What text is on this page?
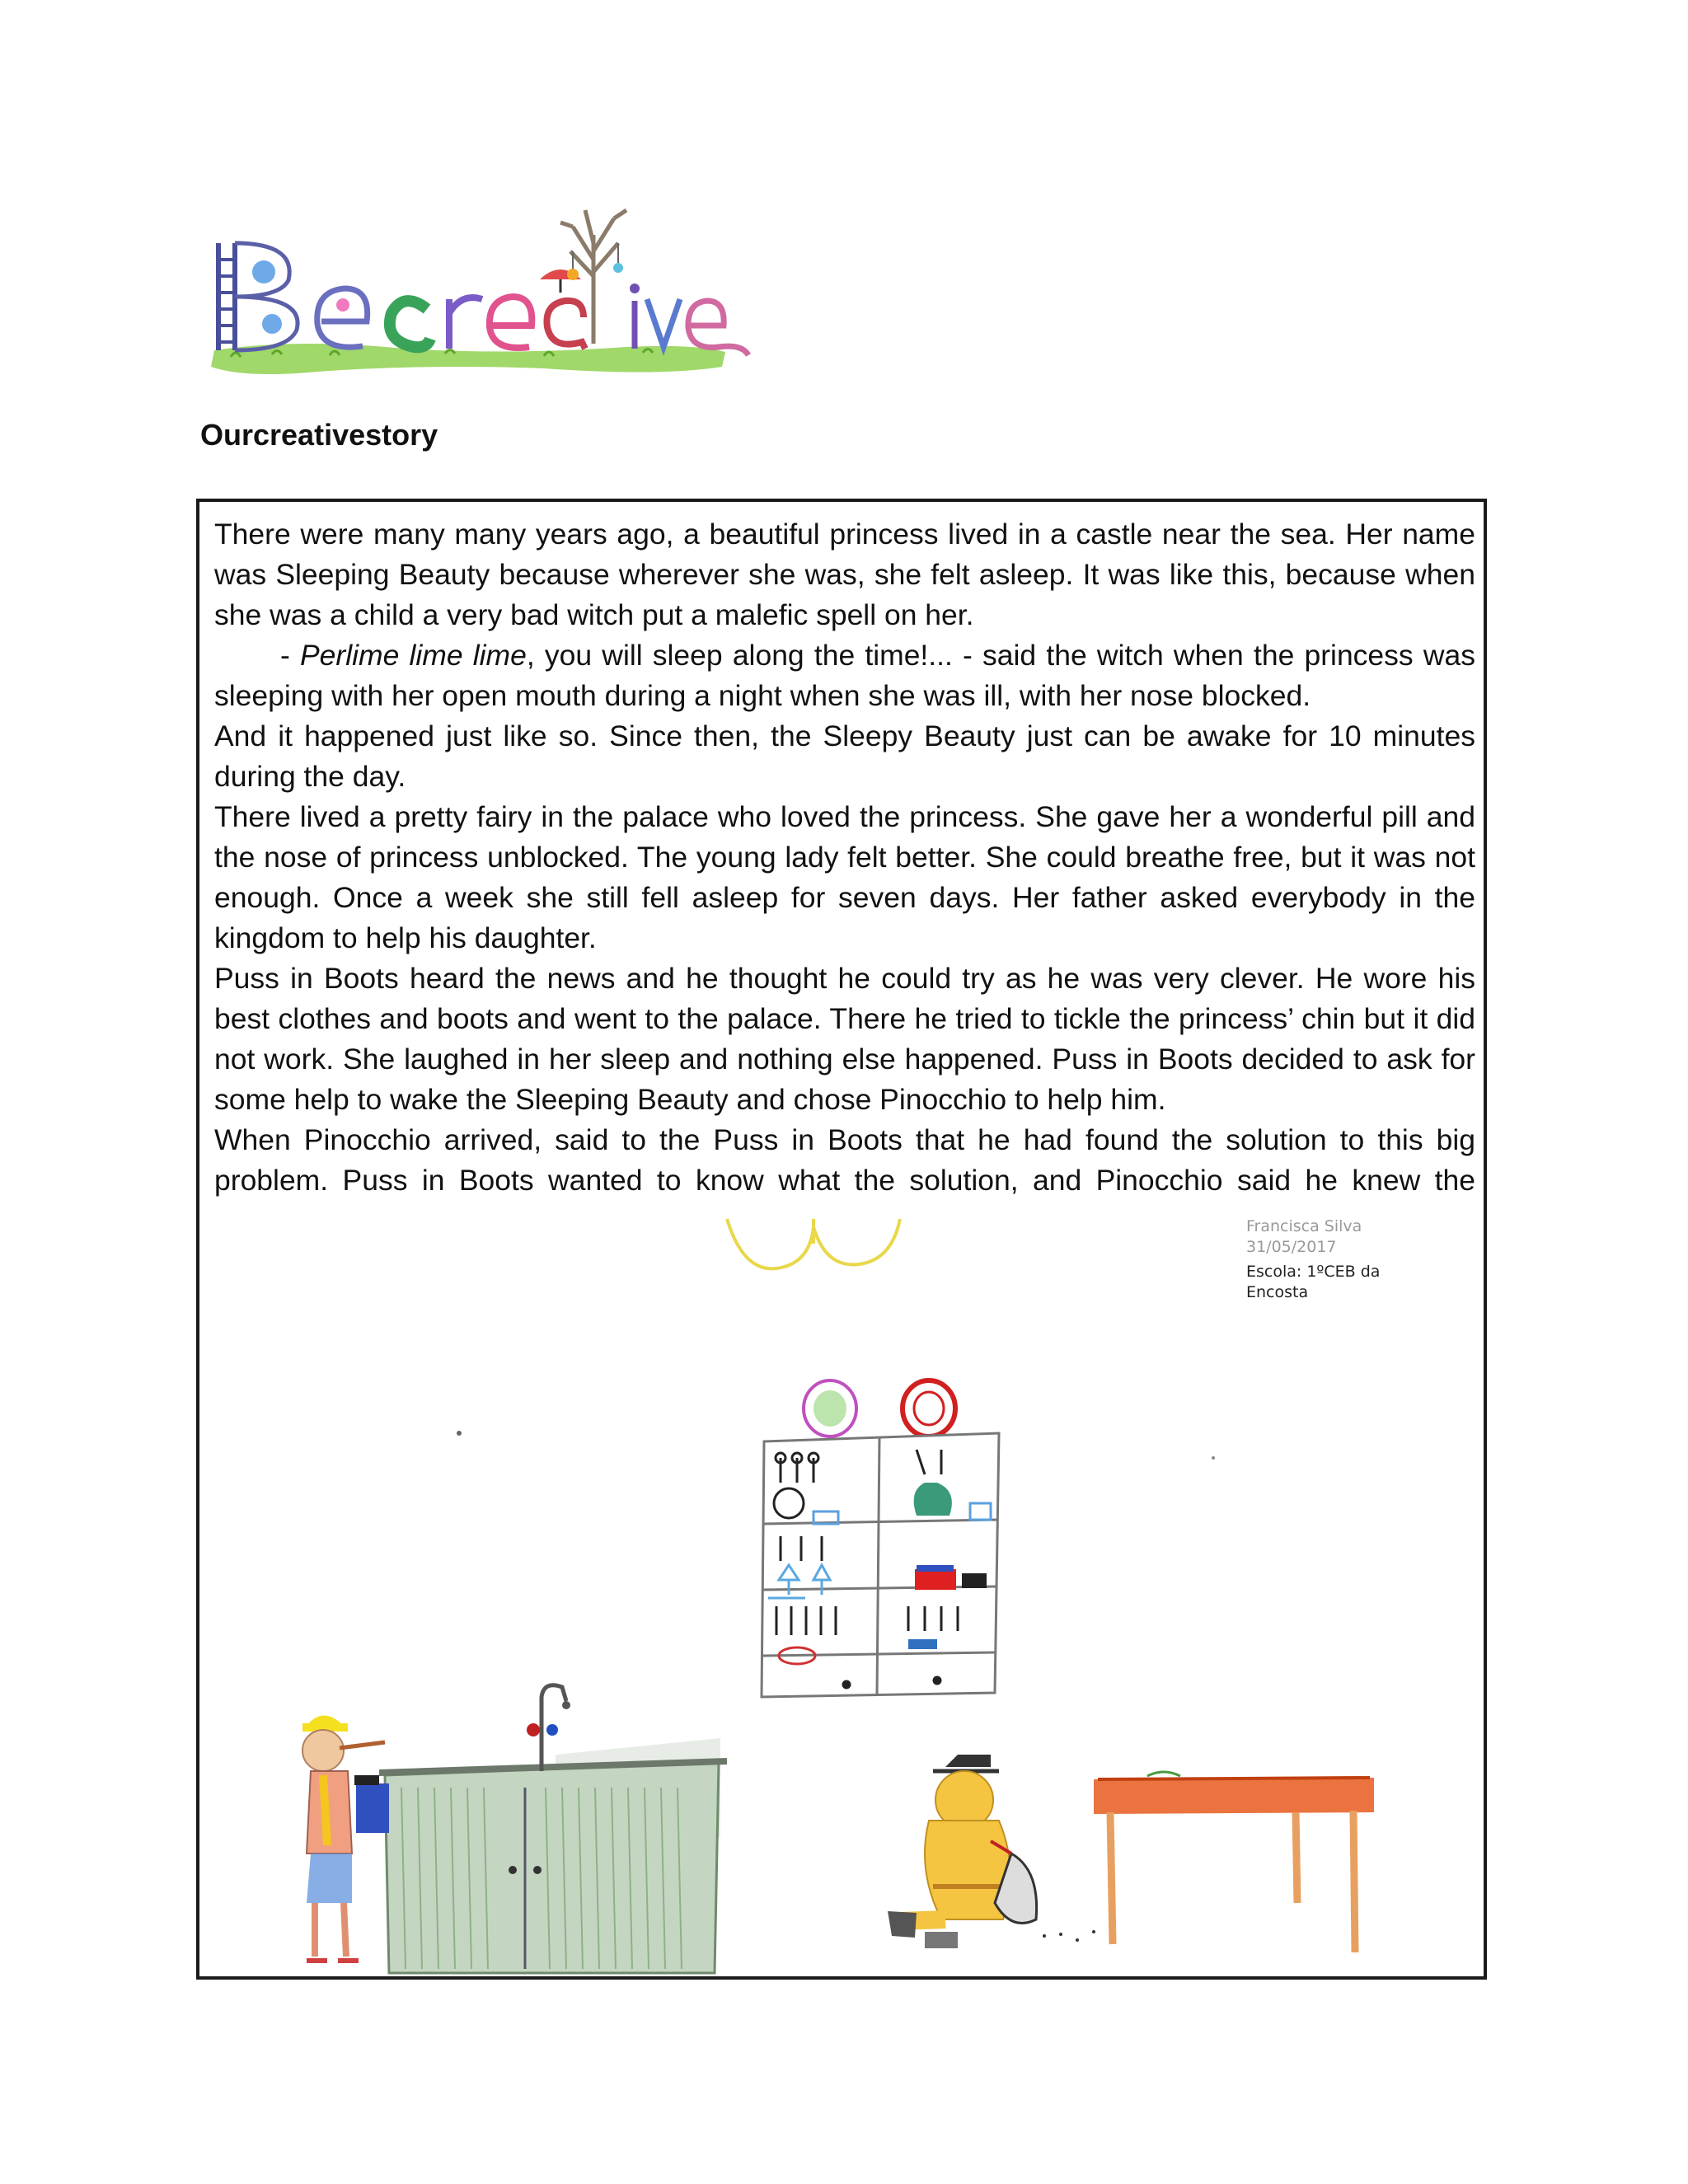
Ourcreativestory

There were many many years ago, a beautiful princess lived in a castle near the sea. Her name was Sleeping Beauty because wherever she was, she felt asleep. It was like this, because when she was a child a very bad witch put a malefic spell on her.

- Perlime lime lime, you will sleep along the time!... - said the witch when the princess was sleeping with her open mouth during a night when she was ill, with her nose blocked.

And it happened just like so. Since then, the Sleepy Beauty just can be awake for 10 minutes during the day.

There lived a pretty fairy in the palace who loved the princess. She gave her a wonderful pill and the nose of princess unblocked. The young lady felt better. She could breathe free, but it was not enough. Once a week she still fell asleep for seven days. Her father asked everybody in the kingdom to help his daughter.

Puss in Boots heard the news and he thought he could try as he was very clever. He wore his best clothes and boots and went to the palace. There he tried to tickle the princess’ chin but it did not work. She laughed in her sleep and nothing else happened. Puss in Boots decided to ask for some help to wake the Sleeping Beauty and chose Pinocchio to help him.

When Pinocchio arrived, said to the Puss in Boots that he had found the solution to this big problem. Puss in Boots wanted to know what the solution, and Pinocchio said he knew the

Francisca Silva
31/05/2017
Escola: 1ºCEB da
Encosta
